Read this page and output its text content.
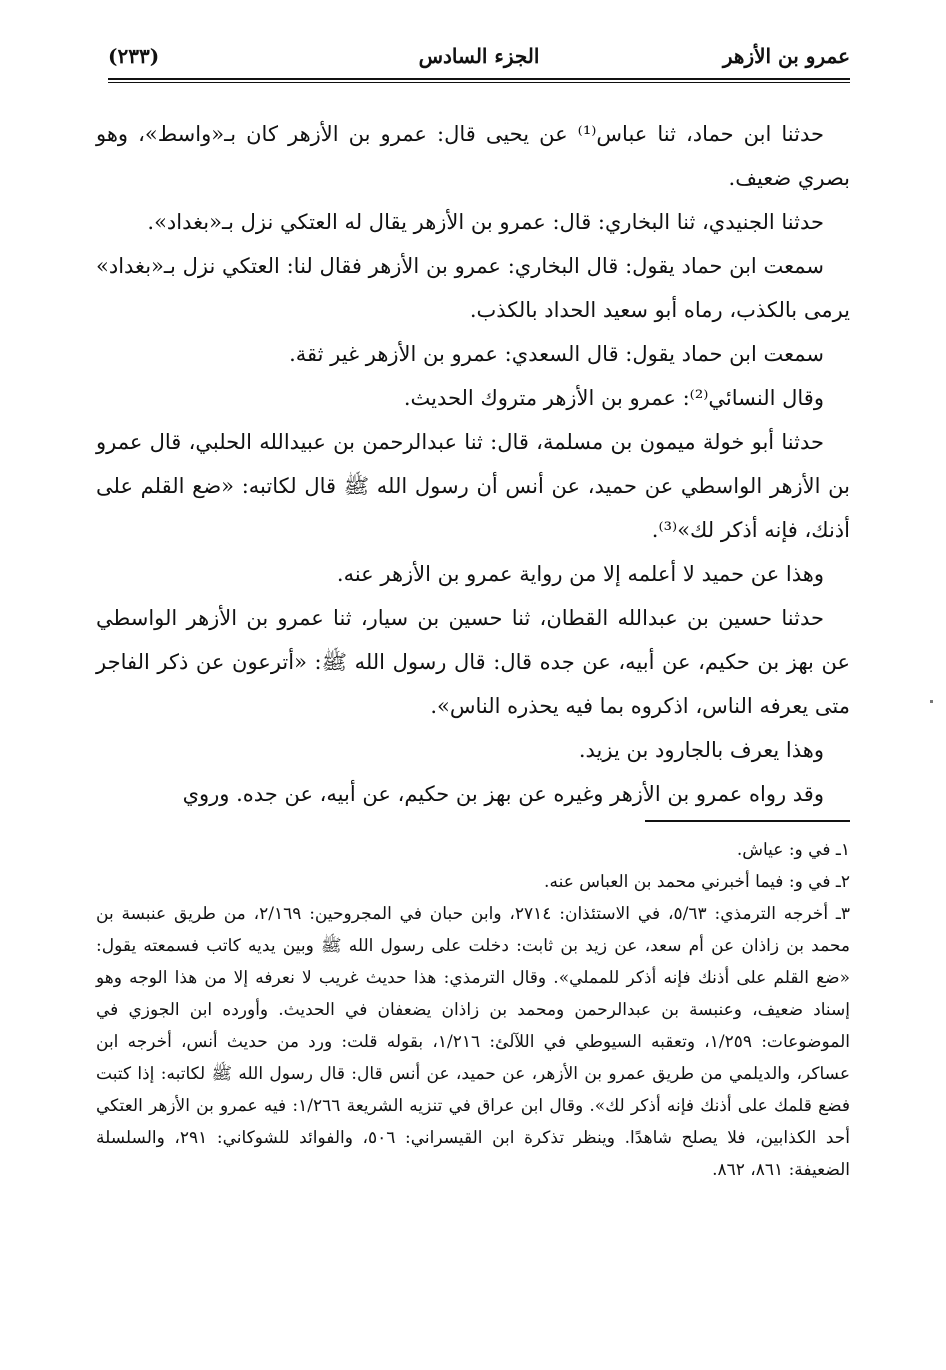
عمرو بن الأزهر
الجزء السادس
(٢٣٣)

حدثنا ابن حماد، ثنا عباس⁽¹⁾ عن يحيى قال: عمرو بن الأزهر كان بـ«واسط»، وهو بصري ضعيف.

حدثنا الجنيدي، ثنا البخاري: قال: عمرو بن الأزهر يقال له العتكي نزل بـ«بغداد».

سمعت ابن حماد يقول: قال البخاري: عمرو بن الأزهر فقال لنا: العتكي نزل بـ«بغداد» يرمى بالكذب، رماه أبو سعيد الحداد بالكذب.

سمعت ابن حماد يقول: قال السعدي: عمرو بن الأزهر غير ثقة.

وقال النسائي⁽²⁾: عمرو بن الأزهر متروك الحديث.

حدثنا أبو خولة ميمون بن مسلمة، قال: ثنا عبدالرحمن بن عبيدالله الحلبي، قال عمرو بن الأزهر الواسطي عن حميد، عن أنس أن رسول الله ﷺ قال لكاتبه: «ضع القلم على أذنك، فإنه أذكر لك»⁽³⁾.

وهذا عن حميد لا أعلمه إلا من رواية عمرو بن الأزهر عنه.

حدثنا حسين بن عبدالله القطان، ثنا حسين بن سيار، ثنا عمرو بن الأزهر الواسطي عن بهز بن حكيم، عن أبيه، عن جده قال: قال رسول الله ﷺ: «أترعون عن ذكر الفاجر متى يعرفه الناس، اذكروه بما فيه يحذره الناس».

وهذا يعرف بالجارود بن يزيد.

وقد رواه عمرو بن الأزهر وغيره عن بهز بن حكيم، عن أبيه، عن جده. وروي

١ـ في و: عياش.

٢ـ في و: فيما أخبرني محمد بن العباس عنه.

٣ـ أخرجه الترمذي: ٥/٦٣، في الاستئذان: ٢٧١٤، وابن حبان في المجروحين: ٢/١٦٩، من طريق عنبسة بن محمد بن زاذان عن أم سعد، عن زيد بن ثابت: دخلت على رسول الله ﷺ وبين يديه كاتب فسمعته يقول: «ضع القلم على أذنك فإنه أذكر للمملي». وقال الترمذي: هذا حديث غريب لا نعرفه إلا من هذا الوجه وهو إسناد ضعيف، وعنبسة بن عبدالرحمن ومحمد بن زاذان يضعفان في الحديث. وأورده ابن الجوزي في الموضوعات: ١/٢٥٩، وتعقبه السيوطي في اللآلئ: ١/٢١٦، بقوله قلت: ورد من حديث أنس، أخرجه ابن عساكر، والديلمي من طريق عمرو بن الأزهر، عن حميد، عن أنس قال: قال رسول الله ﷺ لكاتبه: إذا كتبت فضع قلمك على أذنك فإنه أذكر لك». وقال ابن عراق في تنزيه الشريعة ١/٢٦٦: فيه عمرو بن الأزهر العتكي أحد الكذابين، فلا يصلح شاهدًا. وينظر تذكرة ابن القيسراني: ٥٠٦، والفوائد للشوكاني: ٢٩١، والسلسلة الضعيفة: ٨٦١، ٨٦٢.
